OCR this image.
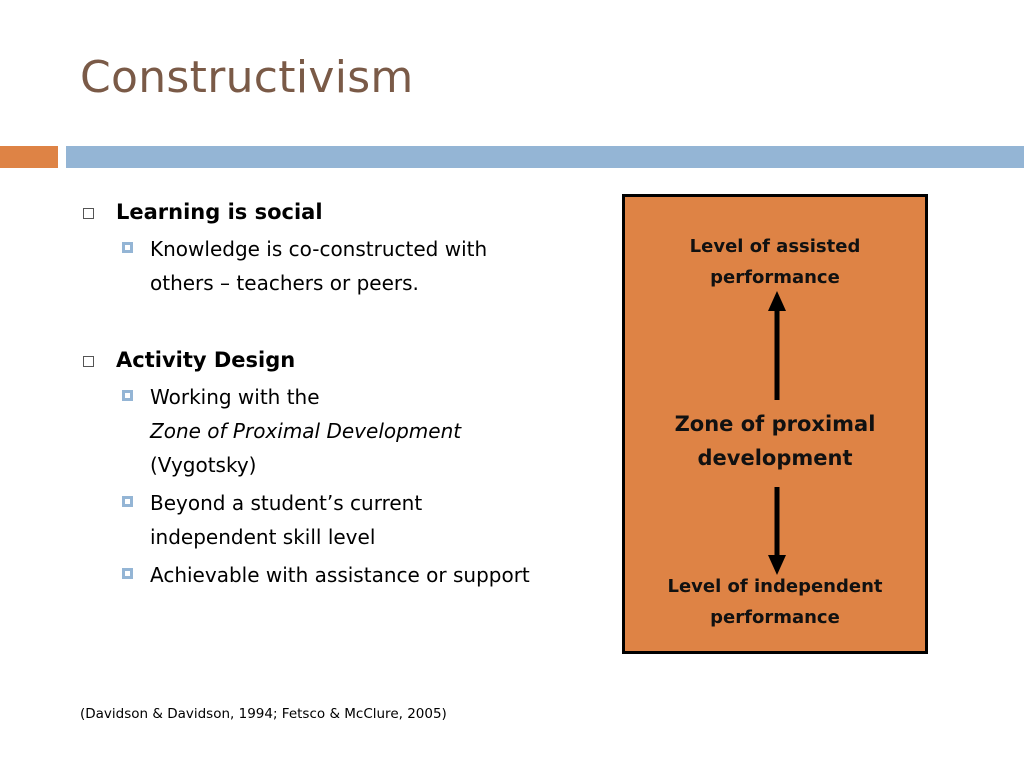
Constructivism
Learning is social
Knowledge is co-constructed with
others – teachers or peers.
Activity Design
Working with the
Zone of Proximal Development
(Vygotsky)
Beyond a student’s current
independent skill level
Achievable with assistance or support
Level of assisted
performance
Zone of proximal
development
Level of independent
performance
(Davidson & Davidson, 1994; Fetsco & McClure, 2005)
